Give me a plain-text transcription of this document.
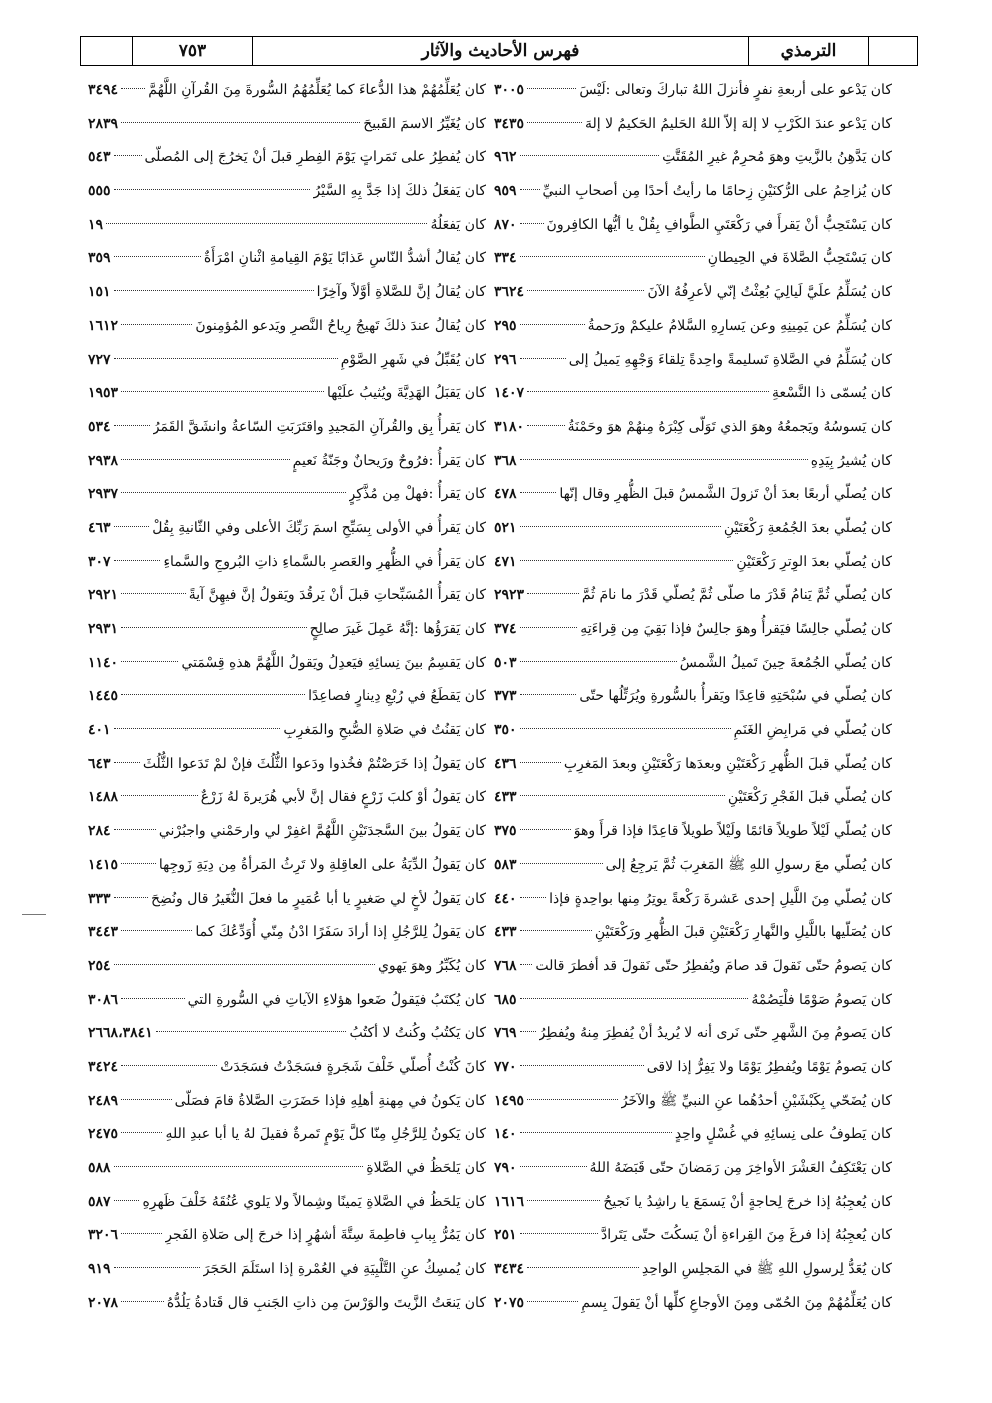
الترمذي
فهرس الأحاديث والآثار
٧٥٣
كان يُعَلِّمُهُمْ هذا الدُّعاءَ كما يُعَلِّمُهُمُ السُّورةَ مِنَ القُرآنِ اللَّهُمَّ
٣٤٩٤
كان يُغَيِّرُ الاسمَ القَبيحَ
٢٨٣٩
كان يُفطِرُ على تَمَراتٍ يَوْمَ الفِطرِ قبلَ أنْ يَخرُجَ إلى المُصلّى
٥٤٣
كان يَفعَلُ ذلكَ إذا جَدَّ بِهِ السَّيْرُ
٥٥٥
كان يَفعَلُهُ
١٩
كان يُقالُ أشدُّ النّاسِ عَذابًا يَوْمَ القِيامةِ اثْنانِ امْرَأَةٌ
٣٥٩
كان يُقالُ إنَّ للصَّلاةِ أوَّلاً وآخِرًا
١٥١
كان يُقالُ عندَ ذلكَ تَهيجُ رِياحُ النَّصرِ ويَدعو المُؤمِنونَ
١٦١٢
كان يُقَبِّلُ في شَهرِ الصَّوْمِ
٧٢٧
كان يَقبَلُ الهَدِيَّةَ ويُثيبُ علَيْها
١٩٥٣
كان يَقرأُ بِق والقُرآنِ المَجيدِ واقتَرَبَتِ السّاعةُ وانشَقَّ القَمَرُ
٥٣٤
كان يَقرأُ :فرُوحٌ ورَيحانٌ وجَنّةُ نَعيمٍ
٢٩٣٨
كان يَقرأُ :فهلْ مِن مُذَّكِرٍ
٢٩٣٧
كان يَقرأُ في الأولى بِسَبِّحِ اسمَ رَبِّكَ الأعلى وفي الثّانيةِ بِقُلْ
٤٦٣
كان يَقرأُ في الظُّهرِ والعَصرِ بالسَّماءِ ذاتِ البُروجِ والسَّماءِ
٣٠٧
كان يَقرأُ المُسَبِّحاتِ قبلَ أنْ يَرقُدَ ويَقولُ إنَّ فيهِنَّ آيةً
٢٩٢١
كان يَقرَؤُها :إنَّهُ عَمِلَ غَيرَ صالِحٍ
٢٩٣١
كان يَقسِمُ بينَ نِسائِهِ فيَعدِلُ ويَقولُ اللَّهُمَّ هذهِ قِسْمَتي
١١٤٠
كان يَقطَعُ في رُبْعِ دِينارٍ فصاعِدًا
١٤٤٥
كان يَقنُتُ في صَلاةِ الصُّبحِ والمَغرِبِ
٤٠١
كان يَقولُ إذا خَرَصْتُمْ فخُذوا ودَعوا الثُّلُثَ فإنْ لمْ تَدَعوا الثُّلُثَ
٦٤٣
كان يَقولُ أوْ كلبَ زَرْعٍ فقال إنَّ لأبي هُرَيرةَ لهُ زَرْعٌ
١٤٨٨
كان يَقولُ بينَ السَّجدَتَيْنِ اللَّهُمَّ اغفِرْ لي وارحَمْني واجبُرْني
٢٨٤
كان يَقولُ الدِّيَةُ على العاقِلةِ ولا تَرِثُ المَرأةُ مِن دِيَةِ زَوجِها
١٤١٥
كان يَقولُ لأخٍ لي صَغيرٍ يا أبا عُمَيرٍ ما فعلَ النُّغَيرُ قال ونُضِحَ
٣٣٣
كان يَقولُ لِلرَّجُلِ إذا أرادَ سَفَرًا ادْنُ مِنّي أُوَدِّعُكَ كما
٣٤٤٣
كان يُكَبِّرُ وهوَ يَهوي
٢٥٤
كان يُكتَبُ فيَقولُ ضَعوا هؤلاءِ الآياتِ في السُّورةِ التي
٣٠٨٦
كان يَكتُبُ وكُنتُ لا أكتُبُ
٢٦٦٨،٣٨٤١
كانَ كُنْتُ أُصلّي خَلْفَ شَجَرةٍ فسَجَدْتُ فسَجَدَتْ
٣٤٢٤
كان يَكونُ في مِهنةِ أهلِهِ فإذا حَضَرَتِ الصَّلاةُ قامَ فصَلّى
٢٤٨٩
كان يَكونُ لِلرَّجُلِ مِنّا كلَّ يَوْمٍ تَمرةٌ فقيلَ لهُ يا أبا عبدِ اللهِ
٢٤٧٥
كان يَلحَظُ في الصَّلاةِ
٥٨٨
كان يَلحَظُ في الصَّلاةِ يَمينًا وشِمالاً ولا يَلوي عُنُقَهُ خَلْفَ ظَهرِهِ
٥٨٧
كان يَمُرُّ بِبابِ فاطِمةَ سِتَّةَ أشهُرٍ إذا خرجَ إلى صَلاةِ الفَجرِ
٣٢٠٦
كان يُمسِكُ عنِ التَّلْبِيَةِ في العُمْرةِ إذا استَلَمَ الحَجَرَ
٩١٩
كان يَنعَتُ الزَّيتَ والوَرْسَ مِن ذاتِ الجَنبِ قال قَتادةُ يَلُدُّهُ
٢٠٧٨
كان يَدْعو على أربعةِ نفرٍ فأنزلَ اللهُ تباركَ وتعالى :لَيْسَ
٣٠٠٥
كان يَدْعو عندَ الكَرْبِ لا إلهَ إلاّ اللهُ الحَليمُ الحَكيمُ لا إلهَ
٣٤٣٥
كان يَدَّهِنُ بالزَّيتِ وهوَ مُحرِمٌ غيرِ المُقَتَّتِ
٩٦٢
كان يُزاحِمُ على الرُّكنَيْنِ زِحامًا ما رأيتُ أحدًا مِن أصحابِ النبيِّ
٩٥٩
كان يَسْتَحِبُّ أنْ يَقرأَ في رَكْعَتَيِ الطَّوافِ بِقُلْ يا أيُّها الكافِرونَ
٨٧٠
كان يَسْتَحِبُّ الصَّلاةَ في الحِيطانِ
٣٣٤
كان يُسَلِّمُ علَيَّ لَيالِيَ بُعِثْتُ إنّي لأعرِفُهُ الآنَ
٣٦٢٤
كان يُسَلِّمُ عن يَمِينِهِ وعن يَسارِهِ السَّلامُ عليكمْ ورَحمةُ
٢٩٥
كان يُسَلِّمُ في الصَّلاةِ تَسليمةً واحِدةً تِلقاءَ وَجْهِهِ يَميلُ إلى
٢٩٦
كان يُسمّى ذا النَّسْعةِ
١٤٠٧
كان يَسوسُهُ ويَجمعُهُ وهوَ الذي تَوَلّى كِبْرَهُ مِنهُمْ هوَ وحَمْنَةُ
٣١٨٠
كان يُشيرُ بِيَدِهِ
٣٦٨
كان يُصلّي أربعًا بعدَ أنْ تَزولَ الشَّمسُ قبلَ الظُّهرِ وقال إنّها
٤٧٨
كان يُصلّي بعدَ الجُمُعةِ رَكْعَتَيْنِ
٥٢١
كان يُصلّي بعدَ الوِترِ رَكْعَتَيْنِ
٤٧١
كان يُصلّي ثُمَّ يَنامُ قَدْرَ ما صلّى ثُمَّ يُصلّي قَدْرَ ما نامَ ثُمَّ
٢٩٢٣
كان يُصلّي جالِسًا فيَقرأُ وهوَ جالِسٌ فإذا بَقِيَ مِن قِراءَتِهِ
٣٧٤
كان يُصلّي الجُمُعةَ حِينَ تَميلُ الشَّمسُ
٥٠٣
كان يُصلّي في سُبْحَتِهِ قاعِدًا ويَقرأُ بالسُّورةِ ويُرَتِّلُها حتّى
٣٧٣
كان يُصلّي في مَرابِضِ الغَنَمِ
٣٥٠
كان يُصلّي قبلَ الظُّهرِ رَكْعَتَيْنِ وبعدَها رَكْعَتَيْنِ وبعدَ المَغرِبِ
٤٣٦
كان يُصلّي قبلَ الفَجْرِ رَكْعَتَيْنِ
٤٣٣
كان يُصلّي لَيْلاً طويلاً قائمًا ولَيْلاً طويلاً قاعِدًا فإذا قرأَ وهوَ
٣٧٥
كان يُصلّي معَ رسولِ اللهِ ﷺ المَغرِبَ ثُمَّ يَرجِعُ إلى
٥٨٣
كان يُصلّي مِنَ اللَّيلِ إحدى عَشرةَ رَكْعةً يوتِرُ مِنها بواحِدةٍ فإذا
٤٤٠
كان يُصَلّيها باللَّيلِ والنَّهارِ رَكْعَتَيْنِ قبلَ الظُّهرِ ورَكْعَتَيْنِ
٤٣٣
كان يَصومُ حتّى نَقولَ قد صامَ ويُفطِرُ حتّى نَقولَ قد أفطرَ قالت
٧٦٨
كان يَصومُ صَوْمًا فلْيَصُمْهُ
٦٨٥
كان يَصومُ مِنَ الشَّهرِ حتّى نَرى أنه لا يُريدُ أنْ يُفطِرَ مِنهُ ويُفطِرُ
٧٦٩
كان يَصومُ يَوْمًا ويُفطِرُ يَوْمًا ولا يَفِرُّ إذا لاقى
٧٧٠
كان يُضَحّي بِكَبْشَيْنِ أحدُهُما عنِ النبيِّ ﷺ والآخَرُ
١٤٩٥
كان يَطوفُ على نِسائِهِ في غُسْلٍ واحِدٍ
١٤٠
كان يَعْتَكِفُ العَشْرَ الأواخِرَ مِن رَمَضانَ حتّى قَبَضَهُ اللهُ
٧٩٠
كان يُعجِبُهُ إذا خرجَ لِحاجةٍ أنْ يَسمَعَ يا راشِدُ يا نَجيحُ
١٦١٦
كان يُعجِبُهُ إذا فرغَ مِنَ القِراءةِ أنْ يَسكُتَ حتّى يَتَرادَّ
٢٥١
كان يُعَدُّ لِرسولِ اللهِ ﷺ في المَجلِسِ الواحِدِ
٣٤٣٤
كان يُعَلِّمُهُمْ مِنَ الحُمّى ومِنَ الأوجاعِ كلِّها أنْ يَقولَ بِسمِ
٢٠٧٥
